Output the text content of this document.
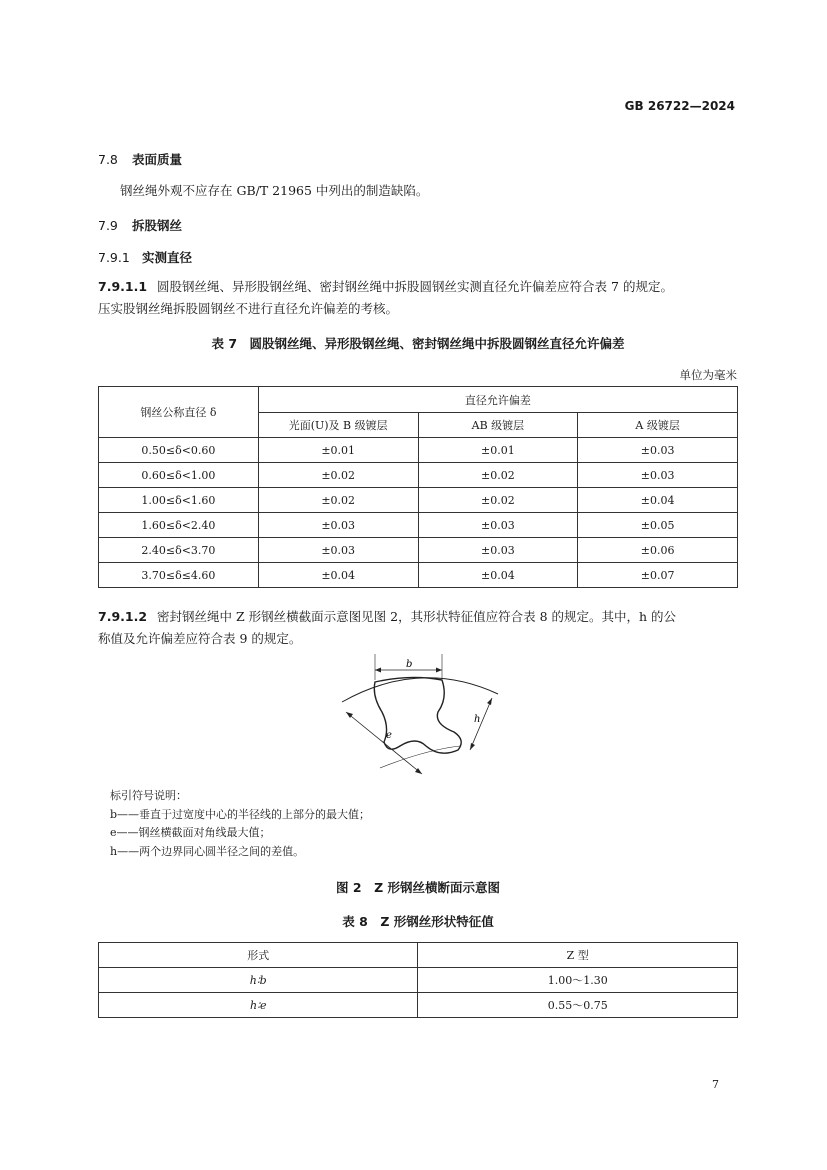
GB 26722—2024
7.8 表面质量
钢丝绳外观不应存在 GB/T 21965 中列出的制造缺陷。
7.9 拆股钢丝
7.9.1 实测直径
7.9.1.1 圆股钢丝绳、异形股钢丝绳、密封钢丝绳中拆股圆钢丝实测直径允许偏差应符合表 7 的规定。
压实股钢丝绳拆股圆钢丝不进行直径允许偏差的考核。
表 7　圆股钢丝绳、异形股钢丝绳、密封钢丝绳中拆股圆钢丝直径允许偏差
单位为毫米
钢丝公称直径 δ	直径允许偏差		
	光面(U)及 B 级镀层	AB 级镀层	A 级镀层
0.50≤δ<0.60	±0.01	±0.01	±0.03
0.60≤δ<1.00	±0.02	±0.02	±0.03
1.00≤δ<1.60	±0.02	±0.02	±0.04
1.60≤δ<2.40	±0.03	±0.03	±0.05
2.40≤δ<3.70	±0.03	±0.03	±0.06
3.70≤δ≤4.60	±0.04	±0.04	±0.07
7.9.1.2 密封钢丝绳中 Z 形钢丝横截面示意图见图 2，其形状特征值应符合表 8 的规定。其中，h 的公
称值及允许偏差应符合表 9 的规定。
b
e
h
标引符号说明：
b——垂直于过宽度中心的半径线的上部分的最大值；
e——钢丝横截面对角线最大值；
h——两个边界同心圆半径之间的差值。
图 2　Z 形钢丝横断面示意图
表 8　Z 形钢丝形状特征值
形式	Z 型
h∶b	1.00～1.30
h∶e	0.55～0.75
7
